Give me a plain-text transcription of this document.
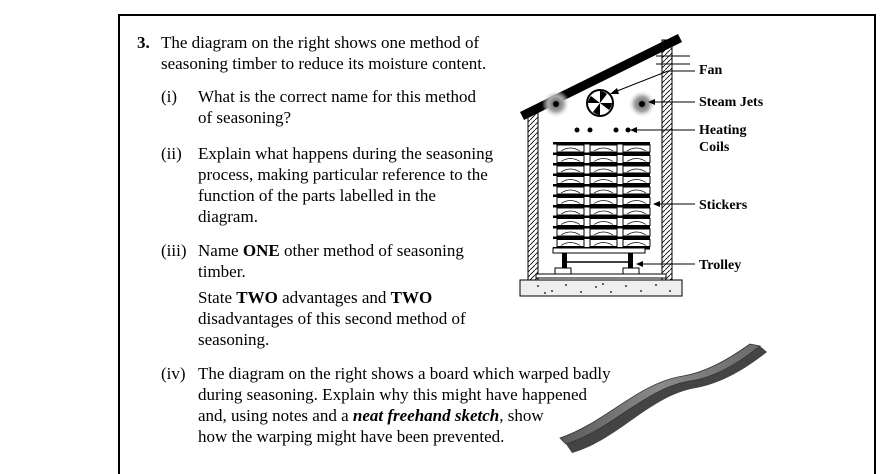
3. The diagram on the right shows one method of
seasoning timber to reduce its moisture content.
(i) What is the correct name for this method
of seasoning?
(ii) Explain what happens during the seasoning
process, making particular reference to the
function of the parts labelled in the
diagram.
(iii) Name ONE other method of seasoning
timber.
State TWO advantages and TWO
disadvantages of this second method of
seasoning.
(iv) The diagram on the right shows a board which warped badly
during seasoning. Explain why this might have happened
and, using notes and a neat freehand sketch, show
how the warping might have been prevented.
Fan
Steam Jets
Heating
Coils
Stickers
Trolley
